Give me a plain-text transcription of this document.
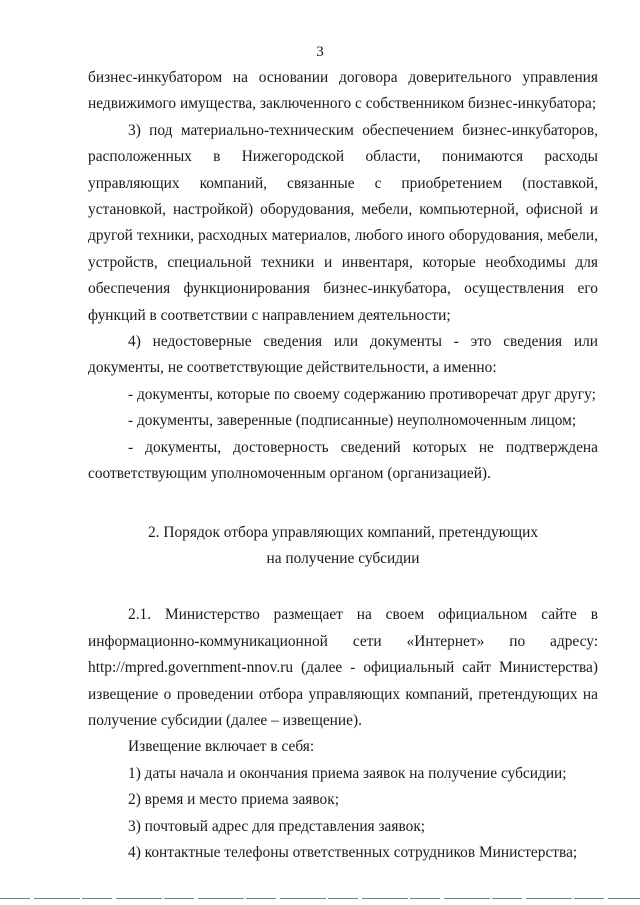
3

бизнес-инкубатором на основании договора доверительного управления недвижимого имущества, заключенного с собственником бизнес-инкубатора;

3) под материально-техническим обеспечением бизнес-инкубаторов, расположенных в Нижегородской области, понимаются расходы управляющих компаний, связанные с приобретением (поставкой, установкой, настройкой) оборудования, мебели, компьютерной, офисной и другой техники, расходных материалов, любого иного оборудования, мебели, устройств, специальной техники и инвентаря, которые необходимы для обеспечения функционирования бизнес-инкубатора, осуществления его функций в соответствии с направлением деятельности;

4) недостоверные сведения или документы - это сведения или документы, не соответствующие действительности, а именно:

- документы, которые по своему содержанию противоречат друг другу;

- документы, заверенные (подписанные) неуполномоченным лицом;

- документы, достоверность сведений которых не подтверждена соответствующим уполномоченным органом (организацией).

2. Порядок отбора управляющих компаний, претендующих
на получение субсидии

2.1. Министерство размещает на своем официальном сайте в информационно-коммуникационной сети «Интернет» по адресу: http://mpred.government-nnov.ru (далее - официальный сайт Министерства) извещение о проведении отбора управляющих компаний, претендующих на получение субсидии (далее – извещение).

Извещение включает в себя:

1) даты начала и окончания приема заявок на получение субсидии;

2) время и место приема заявок;

3) почтовый адрес для представления заявок;

4) контактные телефоны ответственных сотрудников Министерства;
